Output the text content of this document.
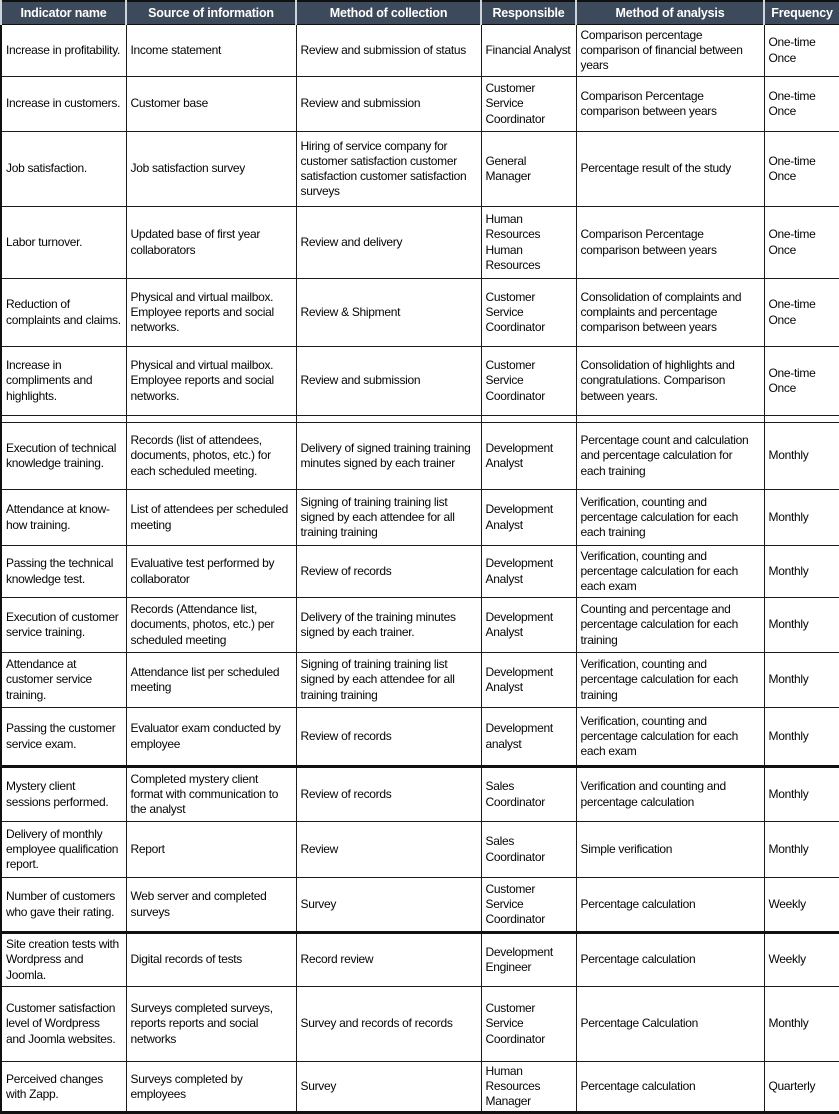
Indicator name	Source of information	Method of collection	Responsible	Method of analysis	Frequency
Increase in profitability.	Income statement	Review and submission of status	Financial Analyst	Comparison percentage comparison of financial between years	One-time Once
Increase in customers.	Customer base	Review and submission	Customer Service Coordinator	Comparison Percentage comparison between years	One-time Once
Job satisfaction.	Job satisfaction survey	Hiring of service company for customer satisfaction customer satisfaction customer satisfaction surveys	General Manager	Percentage result of the study	One-time Once
Labor turnover.	Updated base of first year collaborators	Review and delivery	Human Resources Human Resources	Comparison Percentage comparison between years	One-time Once
Reduction of complaints and claims.	Physical and virtual mailbox. Employee reports and social networks.	Review & Shipment	Customer Service Coordinator	Consolidation of complaints and complaints and percentage comparison between years	One-time Once
Increase in compliments and highlights.	Physical and virtual mailbox. Employee reports and social networks.	Review and submission	Customer Service Coordinator	Consolidation of highlights and congratulations. Comparison between years.	One-time Once

Execution of technical knowledge training.	Records (list of attendees, documents, photos, etc.) for each scheduled meeting.	Delivery of signed training training minutes signed by each trainer	Development Analyst	Percentage count and calculation and percentage calculation for each training	Monthly
Attendance at know-how training.	List of attendees per scheduled meeting	Signing of training training list signed by each attendee for all training training	Development Analyst	Verification, counting and percentage calculation for each each training	Monthly
Passing the technical knowledge test.	Evaluative test performed by collaborator	Review of records	Development Analyst	Verification, counting and percentage calculation for each each exam	Monthly
Execution of customer service training.	Records (Attendance list, documents, photos, etc.) per scheduled meeting	Delivery of the training minutes signed by each trainer.	Development Analyst	Counting and percentage and percentage calculation for each training	Monthly
Attendance at customer service training.	Attendance list per scheduled meeting	Signing of training training list signed by each attendee for all training training	Development Analyst	Verification, counting and percentage calculation for each training	Monthly
Passing the customer service exam.	Evaluator exam conducted by employee	Review of records	Development analyst	Verification, counting and percentage calculation for each each exam	Monthly
Mystery client sessions performed.	Completed mystery client format with communication to the analyst	Review of records	Sales Coordinator	Verification and counting and percentage calculation	Monthly
Delivery of monthly employee qualification report.	Report	Review	Sales Coordinator	Simple verification	Monthly
Number of customers who gave their rating.	Web server and completed surveys	Survey	Customer Service Coordinator	Percentage calculation	Weekly
Site creation tests with Wordpress and Joomla.	Digital records of tests	Record review	Development Engineer	Percentage calculation	Weekly
Customer satisfaction level of Wordpress and Joomla websites.	Surveys completed surveys, reports reports and social networks	Survey and records of records	Customer Service Coordinator	Percentage Calculation	Monthly
Perceived changes with Zapp.	Surveys completed by employees	Survey	Human Resources Manager	Percentage calculation	Quarterly
